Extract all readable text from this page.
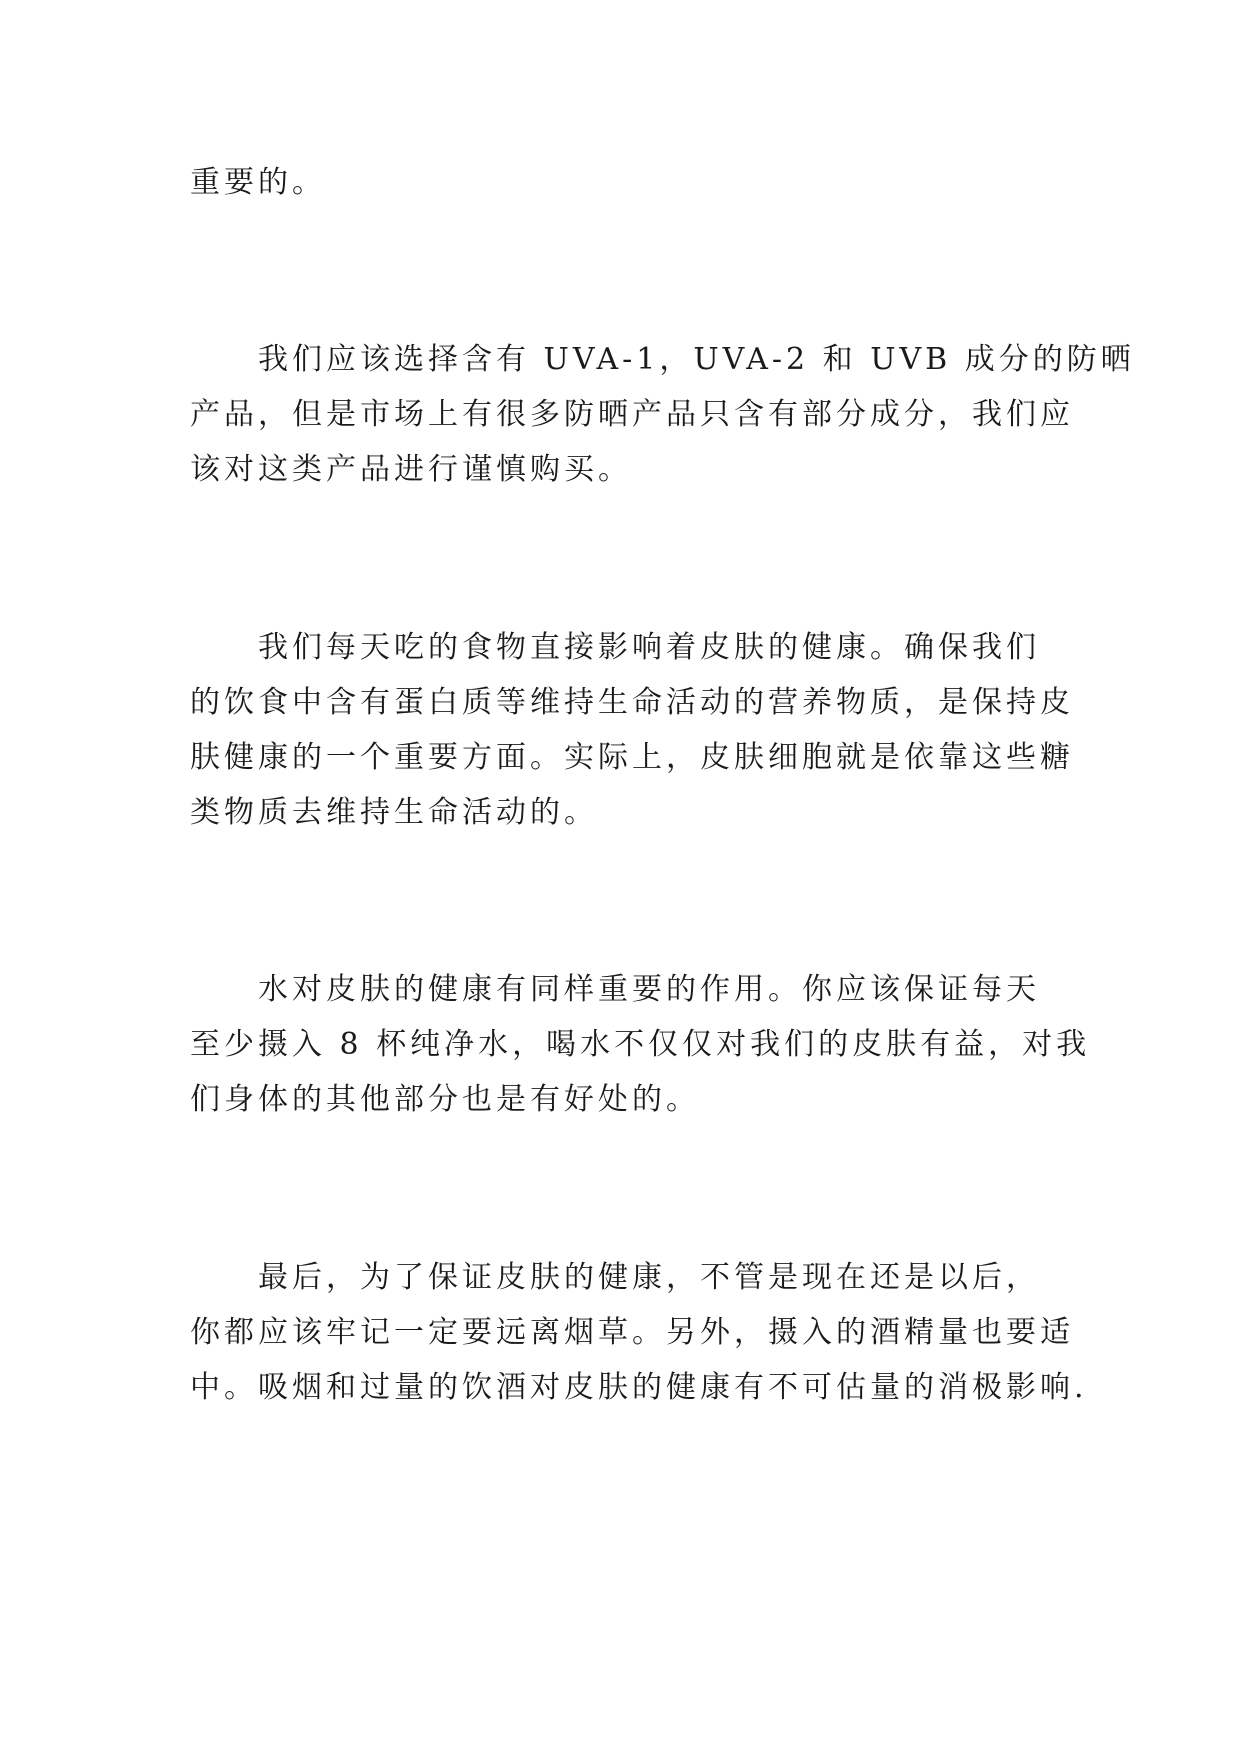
重要的。
　　我们应该选择含有 UVA-1，UVA-2 和 UVB 成分的防晒
产品，但是市场上有很多防晒产品只含有部分成分，我们应
该对这类产品进行谨慎购买。
　　我们每天吃的食物直接影响着皮肤的健康。确保我们
的饮食中含有蛋白质等维持生命活动的营养物质，是保持皮
肤健康的一个重要方面。实际上，皮肤细胞就是依靠这些糖
类物质去维持生命活动的。
　　水对皮肤的健康有同样重要的作用。你应该保证每天
至少摄入 8 杯纯净水，喝水不仅仅对我们的皮肤有益，对我
们身体的其他部分也是有好处的。
　　最后，为了保证皮肤的健康，不管是现在还是以后，
你都应该牢记一定要远离烟草。另外，摄入的酒精量也要适
中。吸烟和过量的饮酒对皮肤的健康有不可估量的消极影响.
